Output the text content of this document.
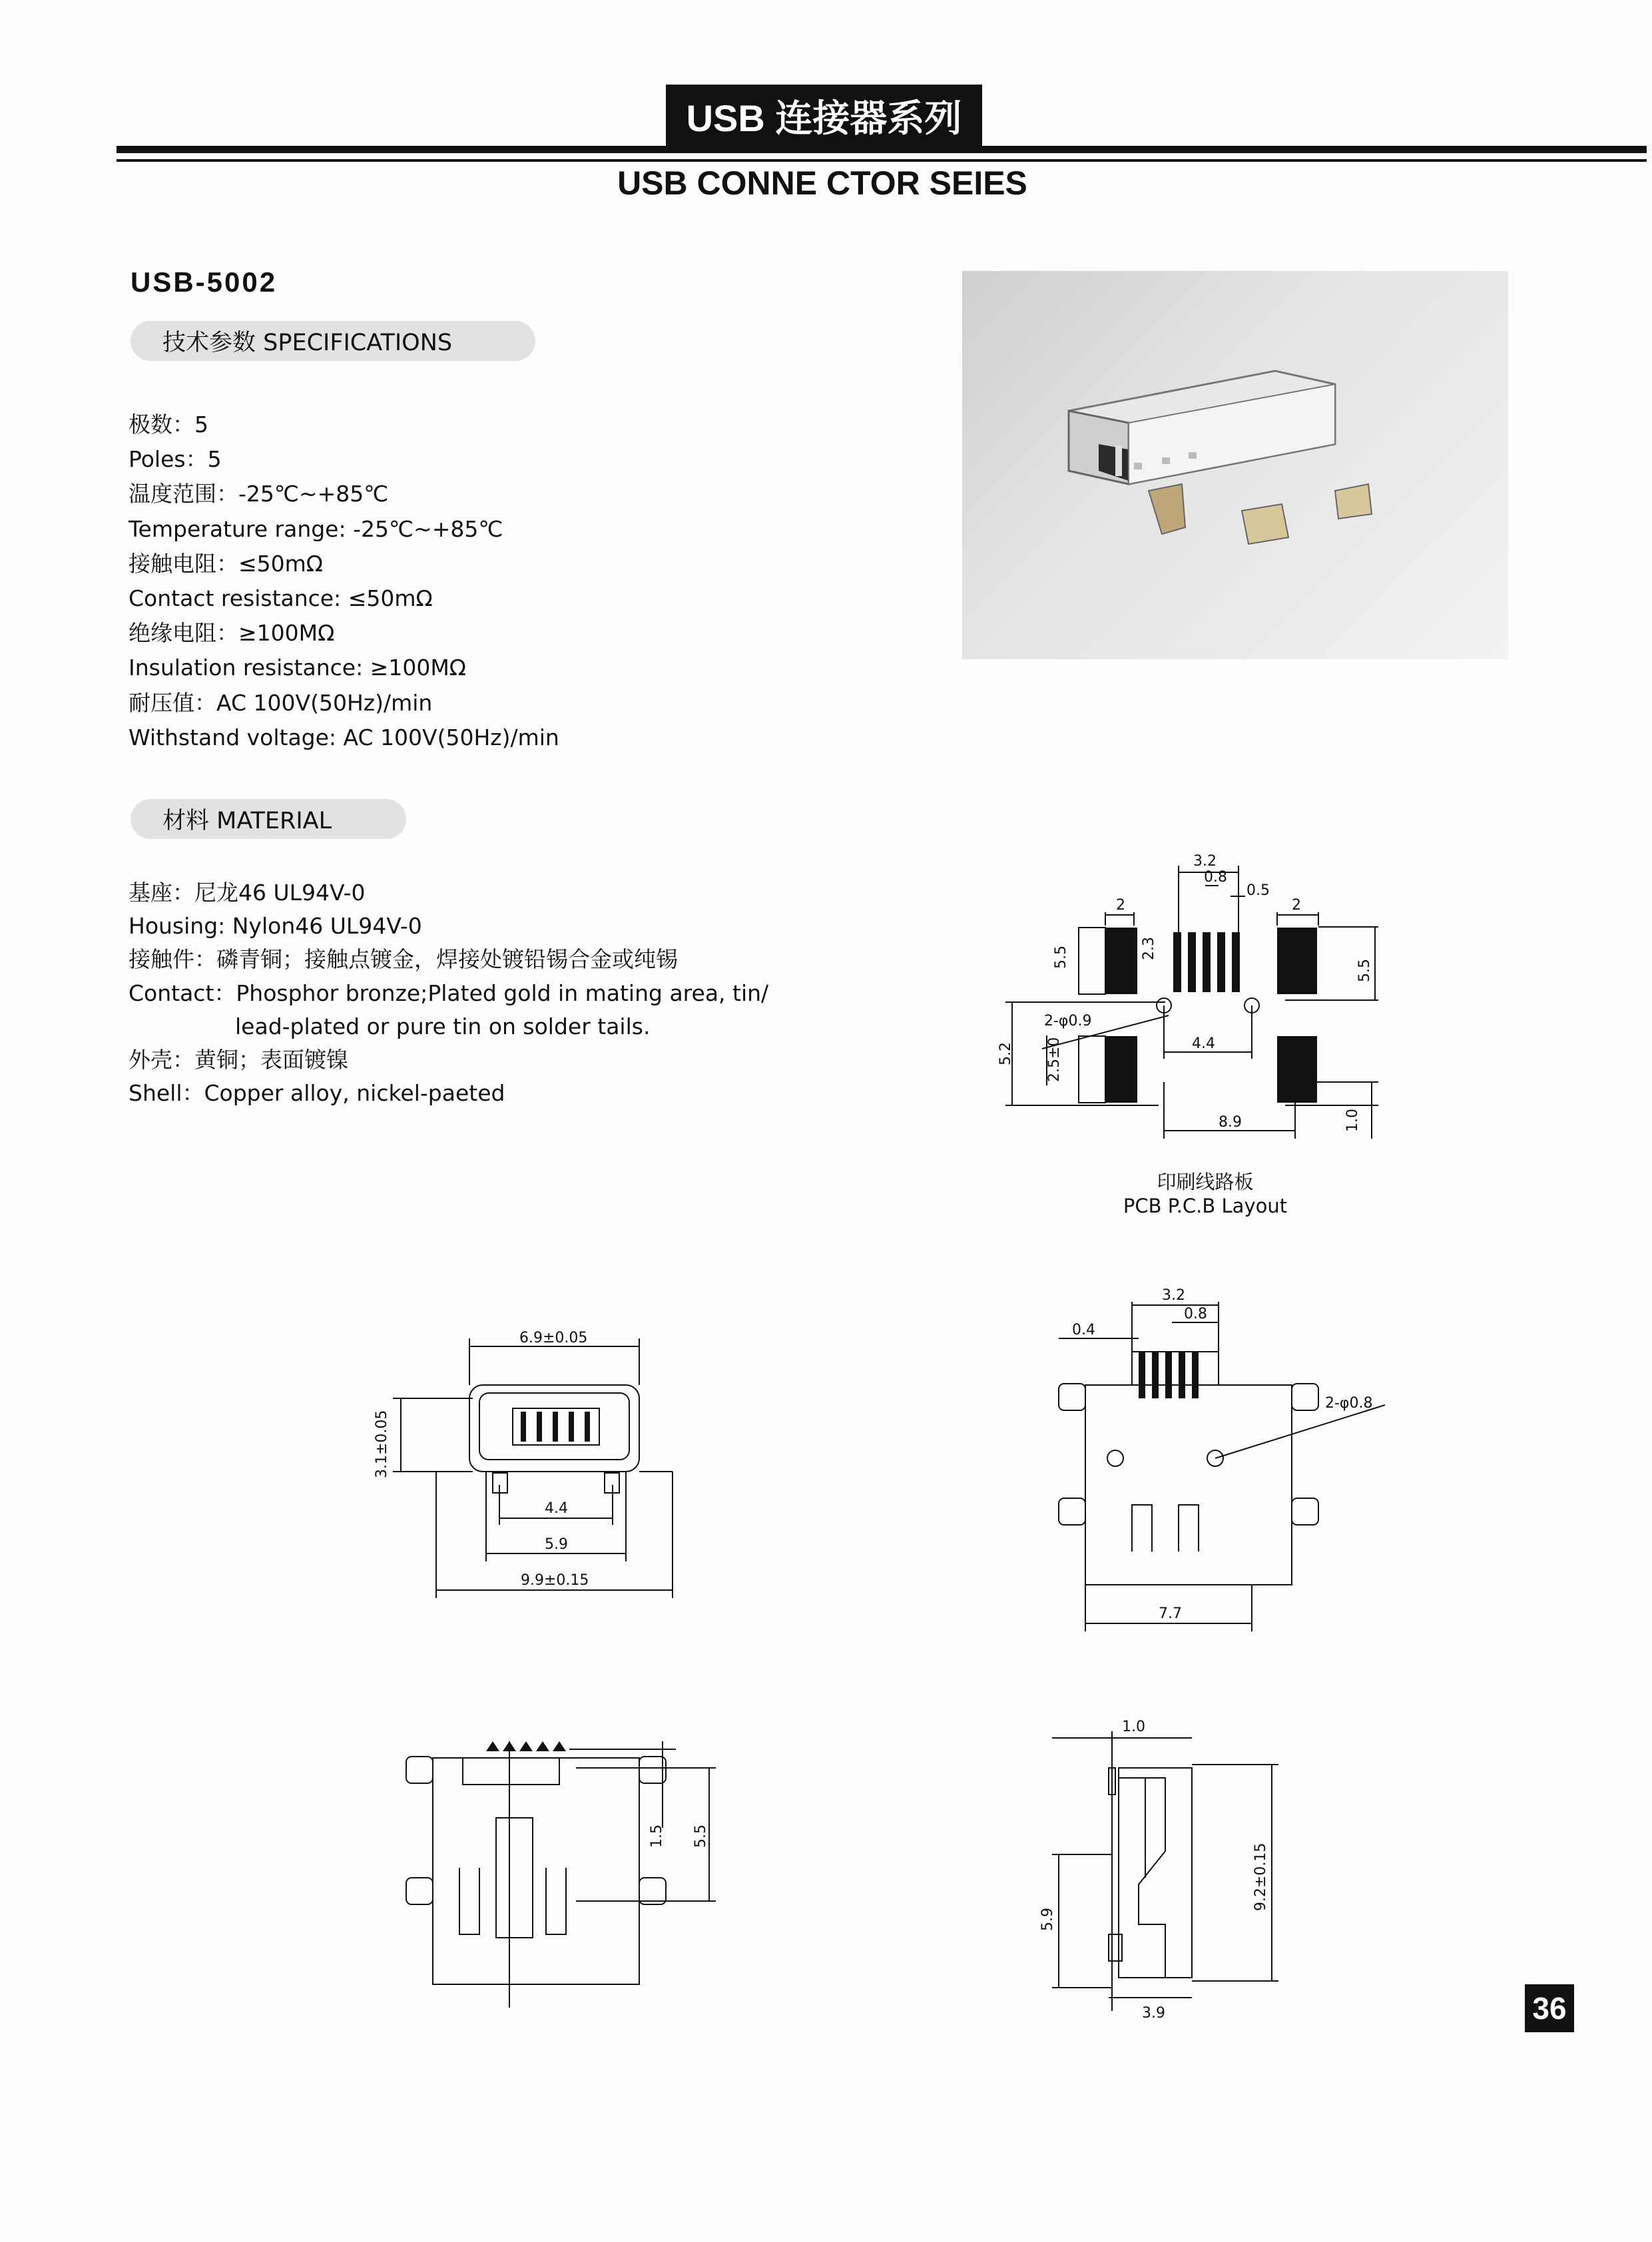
USB 连接器系列
USB CONNE CTOR SEIES
USB-5002
技术参数 SPECIFICATIONS
极数：5
Poles：5
温度范围：-25℃~+85℃
Temperature range: -25℃~+85℃
接触电阻：≤50mΩ
Contact resistance: ≤50mΩ
绝缘电阻：≥100MΩ
Insulation resistance: ≥100MΩ
耐压值：AC 100V(50Hz)/min
Withstand voltage: AC 100V(50Hz)/min
材料 MATERIAL
基座：尼龙46 UL94V-0
Housing: Nylon46 UL94V-0
接触件：磷青铜；接触点镀金，焊接处镀铅锡合金或纯锡
Contact：Phosphor bronze;Plated gold in mating area, tin/
lead-plated or pure tin on solder tails.
外壳：黄铜；表面镀镍
Shell：Copper alloy, nickel-paeted
3.2
0.8
0.5
2	2
5.5	2.3
5.5
2-φ0.9
4.4
5.2 2.5±0
8.9	1.0
印刷线路板
PCB P.C.B Layout
6.9±0.05
3.1±0.05
4.4
5.9
9.9±0.15
3.2
0.4
0.8
2-φ0.8
7.7
1.5 5.5
1.0
5.9
9.2±0.15
3.9	36
